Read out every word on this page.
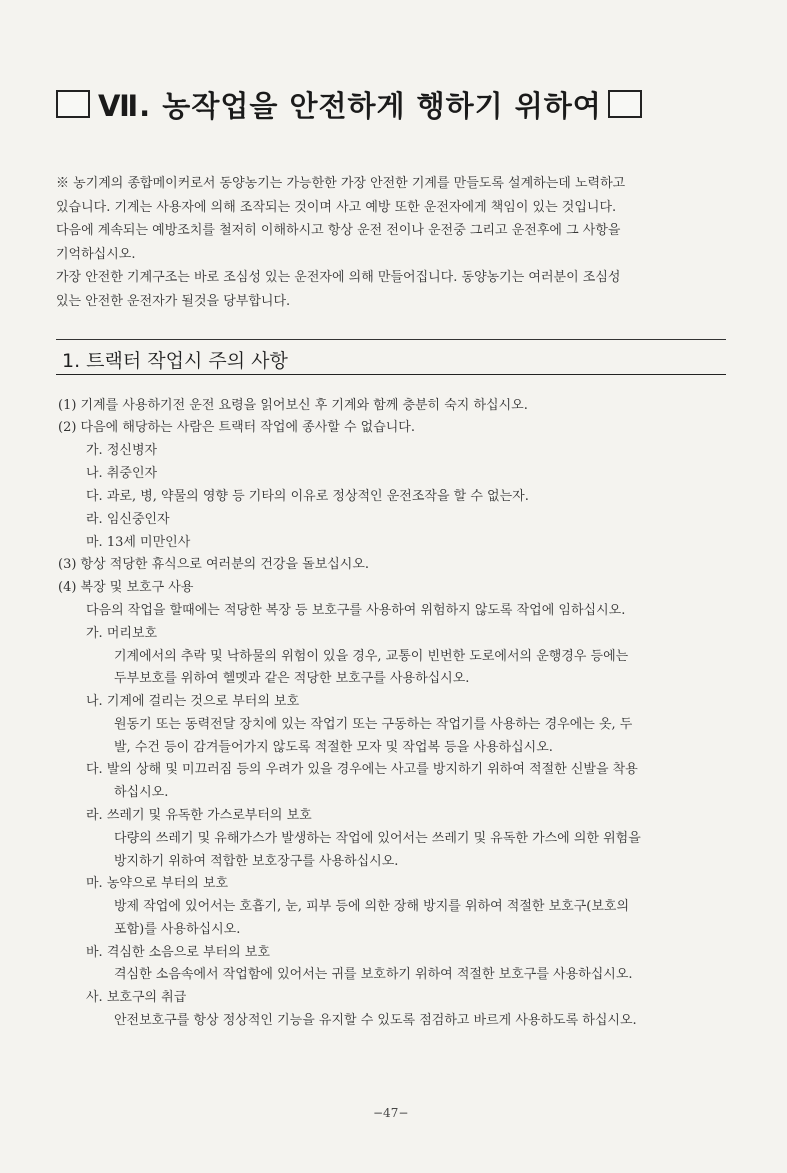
Ⅶ. 농작업을 안전하게 행하기 위하여

※ 농기계의 종합메이커로서 동양농기는 가능한한 가장 안전한 기계를 만들도록 설계하는데 노력하고

있습니다. 기계는 사용자에 의해 조작되는 것이며 사고 예방 또한 운전자에게 책임이 있는 것입니다.

다음에 계속되는 예방조치를 철저히 이해하시고 항상 운전 전이나 운전중 그리고 운전후에 그 사항을

기억하십시오.

가장 안전한 기계구조는 바로 조심성 있는 운전자에 의해 만들어집니다. 동양농기는 여러분이 조심성

있는 안전한 운전자가 될것을 당부합니다.

1. 트랙터 작업시 주의 사항
(1) 기계를 사용하기전 운전 요령을 읽어보신 후 기계와 함께 충분히 숙지 하십시오.
(2) 다음에 해당하는 사람은 트랙터 작업에 종사할 수 없습니다.
가. 정신병자
나. 취중인자
다. 과로, 병, 약물의 영향 등 기타의 이유로 정상적인 운전조작을 할 수 없는자.
라. 임신중인자
마. 13세 미만인사
(3) 항상 적당한 휴식으로 여러분의 건강을 돌보십시오.
(4) 복장 및 보호구 사용
다음의 작업을 할때에는 적당한 복장 등 보호구를 사용하여 위험하지 않도록 작업에 임하십시오.
가. 머리보호
기계에서의 추락 및 낙하물의 위험이 있을 경우, 교통이 빈번한 도로에서의 운행경우 등에는
두부보호를 위하여 헬멧과 같은 적당한 보호구를 사용하십시오.
나. 기계에 걸리는 것으로 부터의 보호
원동기 또는 동력전달 장치에 있는 작업기 또는 구동하는 작업기를 사용하는 경우에는 옷, 두
발, 수건 등이 감겨들어가지 않도록 적절한 모자 및 작업복 등을 사용하십시오.
다. 발의 상해 및 미끄러짐 등의 우려가 있을 경우에는 사고를 방지하기 위하여 적절한 신발을 착용
하십시오.
라. 쓰레기 및 유독한 가스로부터의 보호
다량의 쓰레기 및 유해가스가 발생하는 작업에 있어서는 쓰레기 및 유독한 가스에 의한 위험을
방지하기 위하여 적합한 보호장구를 사용하십시오.
마. 농약으로 부터의 보호
방제 작업에 있어서는 호흡기, 눈, 피부 등에 의한 장해 방지를 위하여 적절한 보호구(보호의
포함)를 사용하십시오.
바. 격심한 소음으로 부터의 보호
격심한 소음속에서 작업함에 있어서는 귀를 보호하기 위하여 적절한 보호구를 사용하십시오.
사. 보호구의 취급
안전보호구를 항상 정상적인 기능을 유지할 수 있도록 점검하고 바르게 사용하도록 하십시오.
−47−
